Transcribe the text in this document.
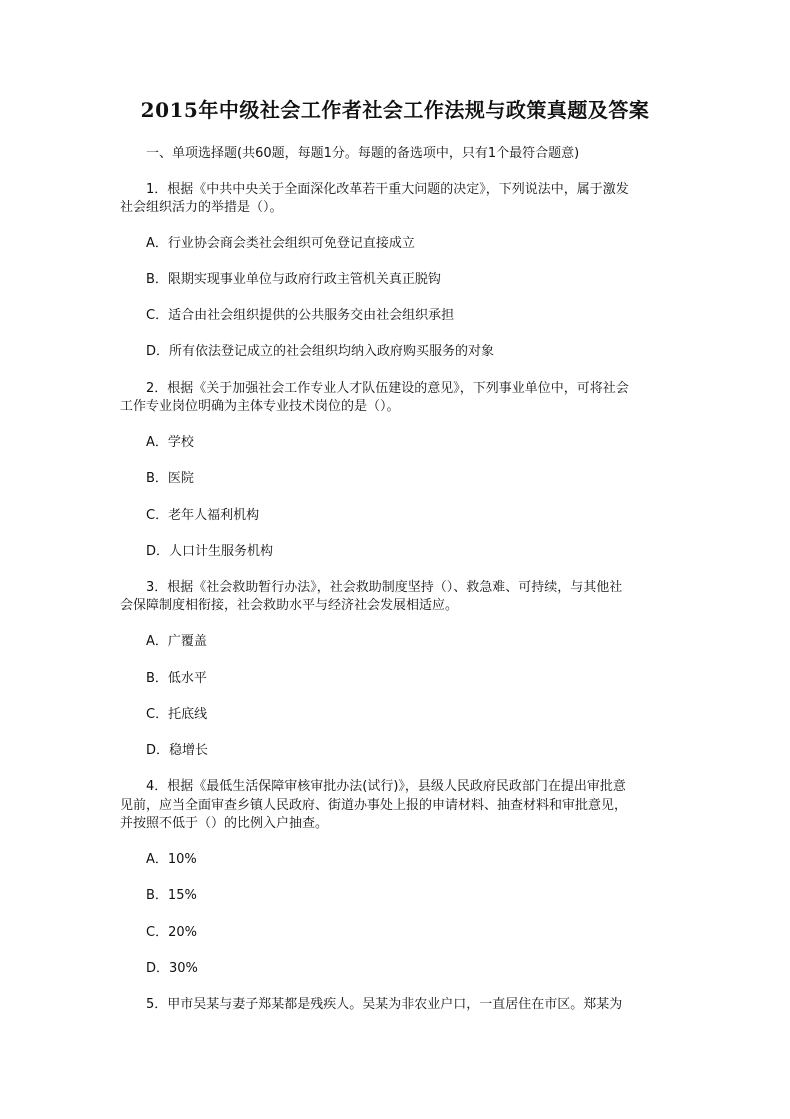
2015年中级社会工作者社会工作法规与政策真题及答案
一、单项选择题(共60题，每题1分。每题的备选项中，只有1个最符合题意)
1．根据《中共中央关于全面深化改革若干重大问题的决定》，下列说法中，属于激发
社会组织活力的举措是（）。
A．行业协会商会类社会组织可免登记直接成立
B．限期实现事业单位与政府行政主管机关真正脱钩
C．适合由社会组织提供的公共服务交由社会组织承担
D．所有依法登记成立的社会组织均纳入政府购买服务的对象
2．根据《关于加强社会工作专业人才队伍建设的意见》，下列事业单位中，可将社会
工作专业岗位明确为主体专业技术岗位的是（）。
A．学校
B．医院
C．老年人福利机构
D．人口计生服务机构
3．根据《社会救助暂行办法》，社会救助制度坚持（）、救急难、可持续，与其他社
会保障制度相衔接，社会救助水平与经济社会发展相适应。
A．广覆盖
B．低水平
C．托底线
D．稳增长
4．根据《最低生活保障审核审批办法(试行)》，县级人民政府民政部门在提出审批意
见前，应当全面审查乡镇人民政府、街道办事处上报的申请材料、抽查材料和审批意见，
并按照不低于（）的比例入户抽查。
A．10%
B．15%
C．20%
D．30%
5．甲市吴某与妻子郑某都是残疾人。吴某为非农业户口，一直居住在市区。郑某为
